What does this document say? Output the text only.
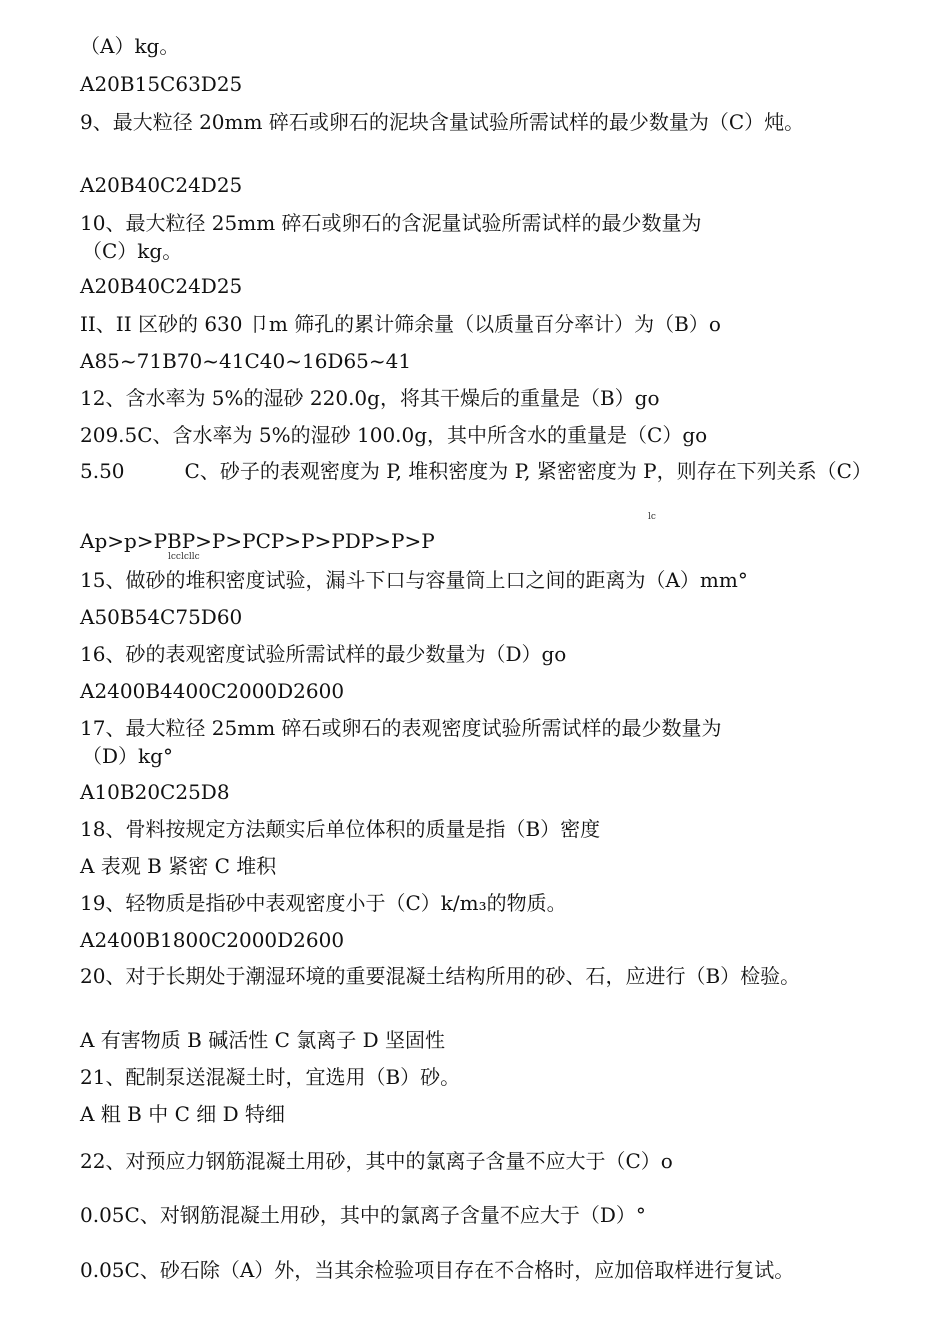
（A）kg。
A20B15C63D25
9、最大粒径 20mm 碎石或卵石的泥块含量试验所需试样的最少数量为（C）炖。
A20B40C24D25
10、最大粒径 25mm 碎石或卵石的含泥量试验所需试样的最少数量为
（C）kg。
A20B40C24D25
II、II 区砂的 630 卩m 筛孔的累计筛余量（以质量百分率计）为（B）o
A85~71B70~41C40~16D65~41
12、含水率为 5%的湿砂 220.0g，将其干燥后的重量是（B）go
209.5C、含水率为 5%的湿砂 100.0g，其中所含水的重量是（C）go
5.50　　　C、砂子的表观密度为 P, 堆积密度为 P, 紧密密度为 P，则存在下列关系（C）
lc
Ap>p>PBP>P>PCP>P>PDP>P>P
lcclcllc
15、做砂的堆积密度试验，漏斗下口与容量筒上口之间的距离为（A）mm°
A50B54C75D60
16、砂的表观密度试验所需试样的最少数量为（D）go
A2400B4400C2000D2600
17、最大粒径 25mm 碎石或卵石的表观密度试验所需试样的最少数量为
（D）kg°
A10B20C25D8
18、骨料按规定方法颠实后单位体积的质量是指（B）密度
A 表观 B 紧密 C 堆积
19、轻物质是指砂中表观密度小于（C）k/m₃的物质。
A2400B1800C2000D2600
20、对于长期处于潮湿环境的重要混凝土结构所用的砂、石，应进行（B）检验。
A 有害物质 B 碱活性 C 氯离子 D 坚固性
21、配制泵送混凝土时，宜选用（B）砂。
A 粗 B 中 C 细 D 特细
22、对预应力钢筋混凝土用砂，其中的氯离子含量不应大于（C）o
0.05C、对钢筋混凝土用砂，其中的氯离子含量不应大于（D）°
0.05C、砂石除（A）外，当其余检验项目存在不合格时，应加倍取样进行复试。
